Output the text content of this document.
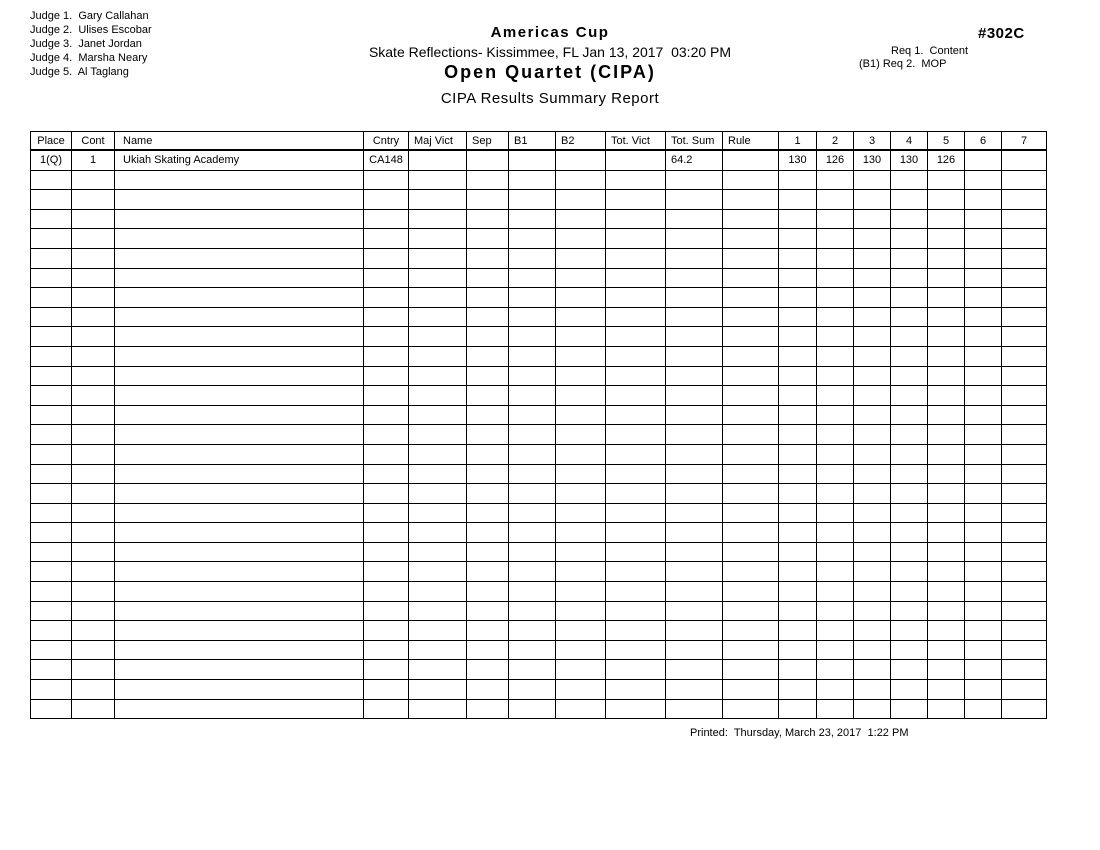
Judge 1.  Gary Callahan
Judge 2.  Ulises Escobar
Judge 3.  Janet Jordan
Judge 4.  Marsha Neary
Judge 5.  Al Taglang
Americas Cup
Skate Reflections- Kissimmee, FL Jan 13, 2017  03:20 PM
Open Quartet (CIPA)
CIPA Results Summary Report
#302C
Req 1.  Content
(B1) Req 2.  MOP
Place	Cont	Name	Cntry	Maj Vict	Sep	B1	B2	Tot. Vict	Tot. Sum	Rule	1	2	3	4	5	6	7
1(Q)	1	Ukiah Skating Academy	CA148						64.2		130	126	130	130	126		

Printed:  Thursday, March 23, 2017  1:22 PM
